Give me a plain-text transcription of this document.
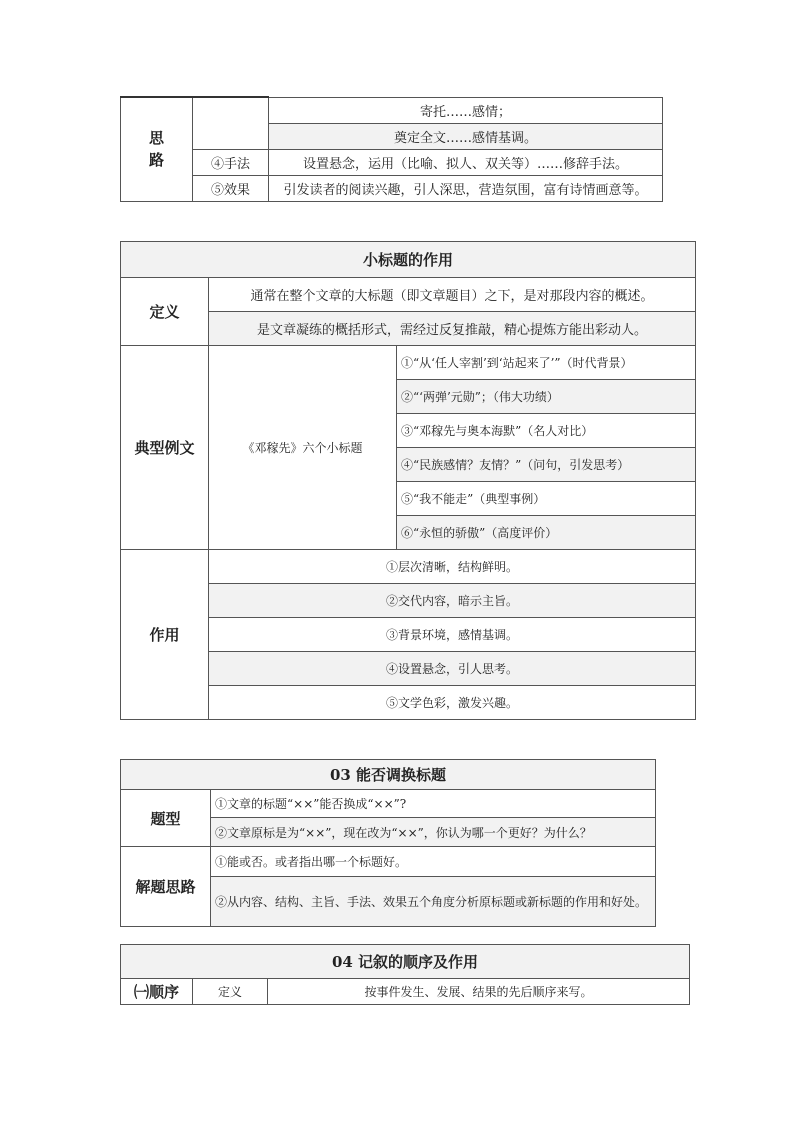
思
路		寄托……感情；
		奠定全文……感情基调。
	④手法	设置悬念，运用（比喻、拟人、双关等）……修辞手法。
	⑤效果	引发读者的阅读兴趣，引人深思，营造氛围，富有诗情画意等。
小标题的作用		
定义	通常在整个文章的大标题（即文章题目）之下，是对那段内容的概述。	
	是文章凝练的概括形式，需经过反复推敲，精心提炼方能出彩动人。	
典型例文	《邓稼先》六个小标题	①“从‘任人宰割’到‘站起来了’”（时代背景）
		②“‘两弹’元勋”；（伟大功绩）
		③“邓稼先与奥本海默”（名人对比）
		④“民族感情？友情？”（问句，引发思考）
		⑤“我不能走”（典型事例）
		⑥“永恒的骄傲”（高度评价）
作用	①层次清晰，结构鲜明。	
	②交代内容，暗示主旨。	
	③背景环境，感情基调。	
	④设置悬念，引人思考。	
	⑤文学色彩，激发兴趣。	
03 能否调换标题	
题型	①文章的标题“××”能否换成“××”?
	②文章原标是为“××”，现在改为“××”，你认为哪一个更好？为什么？
解题思路	①能或否。或者指出哪一个标题好。
	②从内容、结构、主旨、手法、效果五个角度分析原标题或新标题的作用和好处。
04 记叙的顺序及作用
㈠顺序	定义	按事件发生、发展、结果的先后顺序来写。
